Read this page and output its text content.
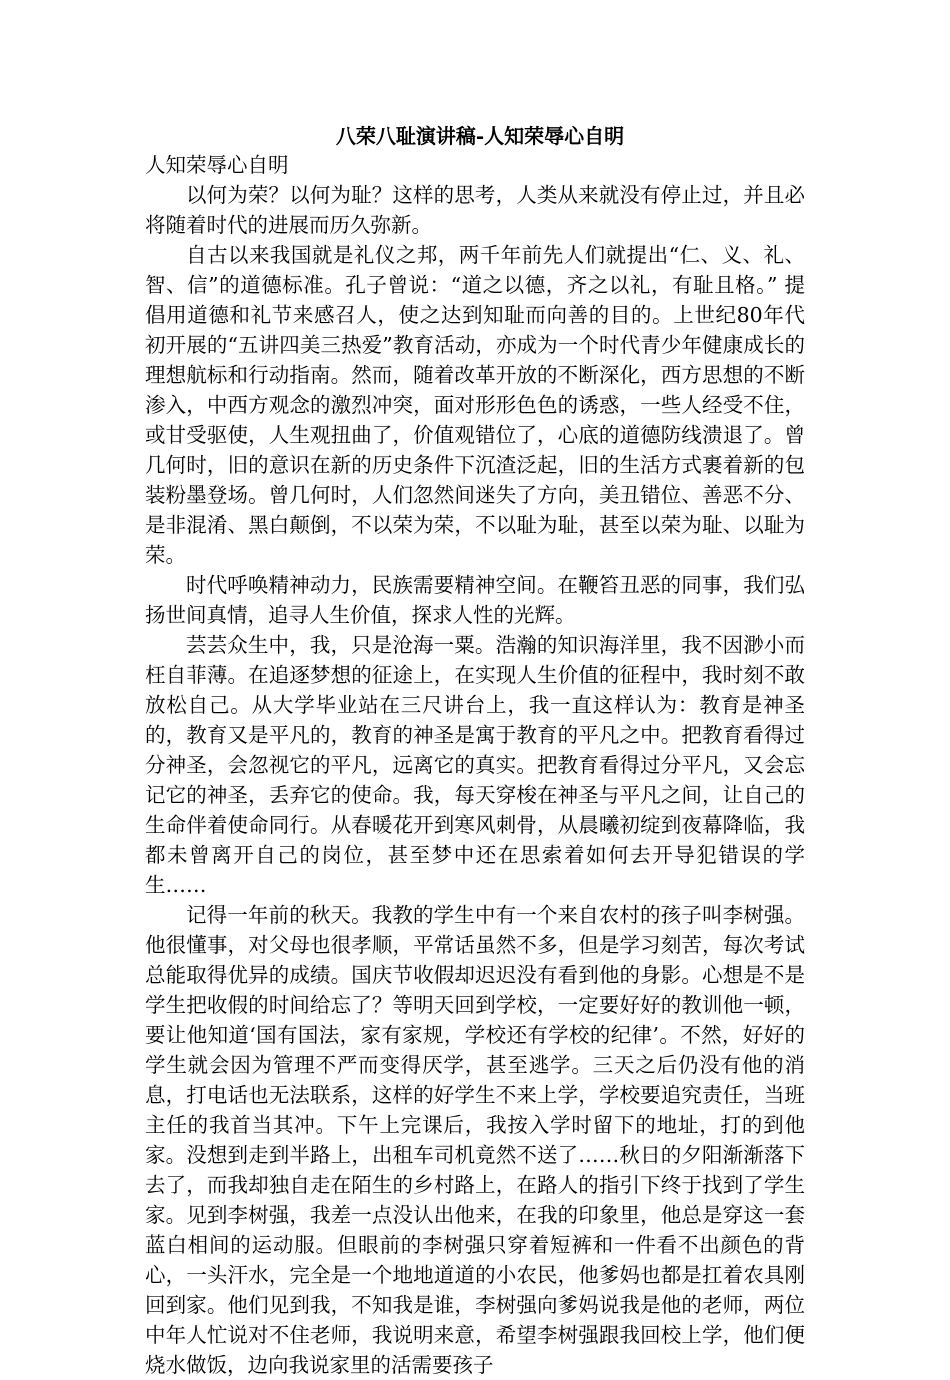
八荣八耻演讲稿-人知荣辱心自明
人知荣辱心自明

以何为荣？以何为耻？这样的思考，人类从来就没有停止过，并且必将随着时代的进展而历久弥新。

自古以来我国就是礼仪之邦，两千年前先人们就提出“仁、义、礼、智、信”的道德标准。孔子曾说：“道之以德，齐之以礼，有耻且格。” 提倡用道德和礼节来感召人，使之达到知耻而向善的目的。上世纪80年代初开展的“五讲四美三热爱”教育活动，亦成为一个时代青少年健康成长的理想航标和行动指南。然而，随着改革开放的不断深化，西方思想的不断渗入，中西方观念的激烈冲突，面对形形色色的诱惑，一些人经受不住，或甘受驱使，人生观扭曲了，价值观错位了，心底的道德防线溃退了。曾几何时，旧的意识在新的历史条件下沉渣泛起，旧的生活方式裹着新的包装粉墨登场。曾几何时，人们忽然间迷失了方向，美丑错位、善恶不分、是非混淆、黑白颠倒，不以荣为荣，不以耻为耻，甚至以荣为耻、以耻为荣。

时代呼唤精神动力，民族需要精神空间。在鞭笞丑恶的同事，我们弘扬世间真情，追寻人生价值，探求人性的光辉。

芸芸众生中，我，只是沧海一粟。浩瀚的知识海洋里，我不因渺小而枉自菲薄。在追逐梦想的征途上，在实现人生价值的征程中，我时刻不敢放松自己。从大学毕业站在三尺讲台上，我一直这样认为：教育是神圣的，教育又是平凡的，教育的神圣是寓于教育的平凡之中。把教育看得过分神圣，会忽视它的平凡，远离它的真实。把教育看得过分平凡，又会忘记它的神圣，丢弃它的使命。我，每天穿梭在神圣与平凡之间，让自己的生命伴着使命同行。从春暖花开到寒风刺骨，从晨曦初绽到夜幕降临，我都未曾离开自己的岗位，甚至梦中还在思索着如何去开导犯错误的学生……

记得一年前的秋天。我教的学生中有一个来自农村的孩子叫李树强。他很懂事，对父母也很孝顺，平常话虽然不多，但是学习刻苦，每次考试总能取得优异的成绩。国庆节收假却迟迟没有看到他的身影。心想是不是学生把收假的时间给忘了？等明天回到学校，一定要好好的教训他一顿，要让他知道‘国有国法，家有家规，学校还有学校的纪律’。不然，好好的学生就会因为管理不严而变得厌学，甚至逃学。三天之后仍没有他的消息，打电话也无法联系，这样的好学生不来上学，学校要追究责任，当班主任的我首当其冲。下午上完课后，我按入学时留下的地址，打的到他家。没想到走到半路上，出租车司机竟然不送了……秋日的夕阳渐渐落下去了，而我却独自走在陌生的乡村路上，在路人的指引下终于找到了学生家。见到李树强，我差一点没认出他来，在我的印象里，他总是穿这一套蓝白相间的运动服。但眼前的李树强只穿着短裤和一件看不出颜色的背心，一头汗水，完全是一个地地道道的小农民，他爹妈也都是扛着农具刚回到家。他们见到我，不知我是谁，李树强向爹妈说我是他的老师，两位中年人忙说对不住老师，我说明来意，希望李树强跟我回校上学，他们便烧水做饭，边向我说家里的活需要孩子
